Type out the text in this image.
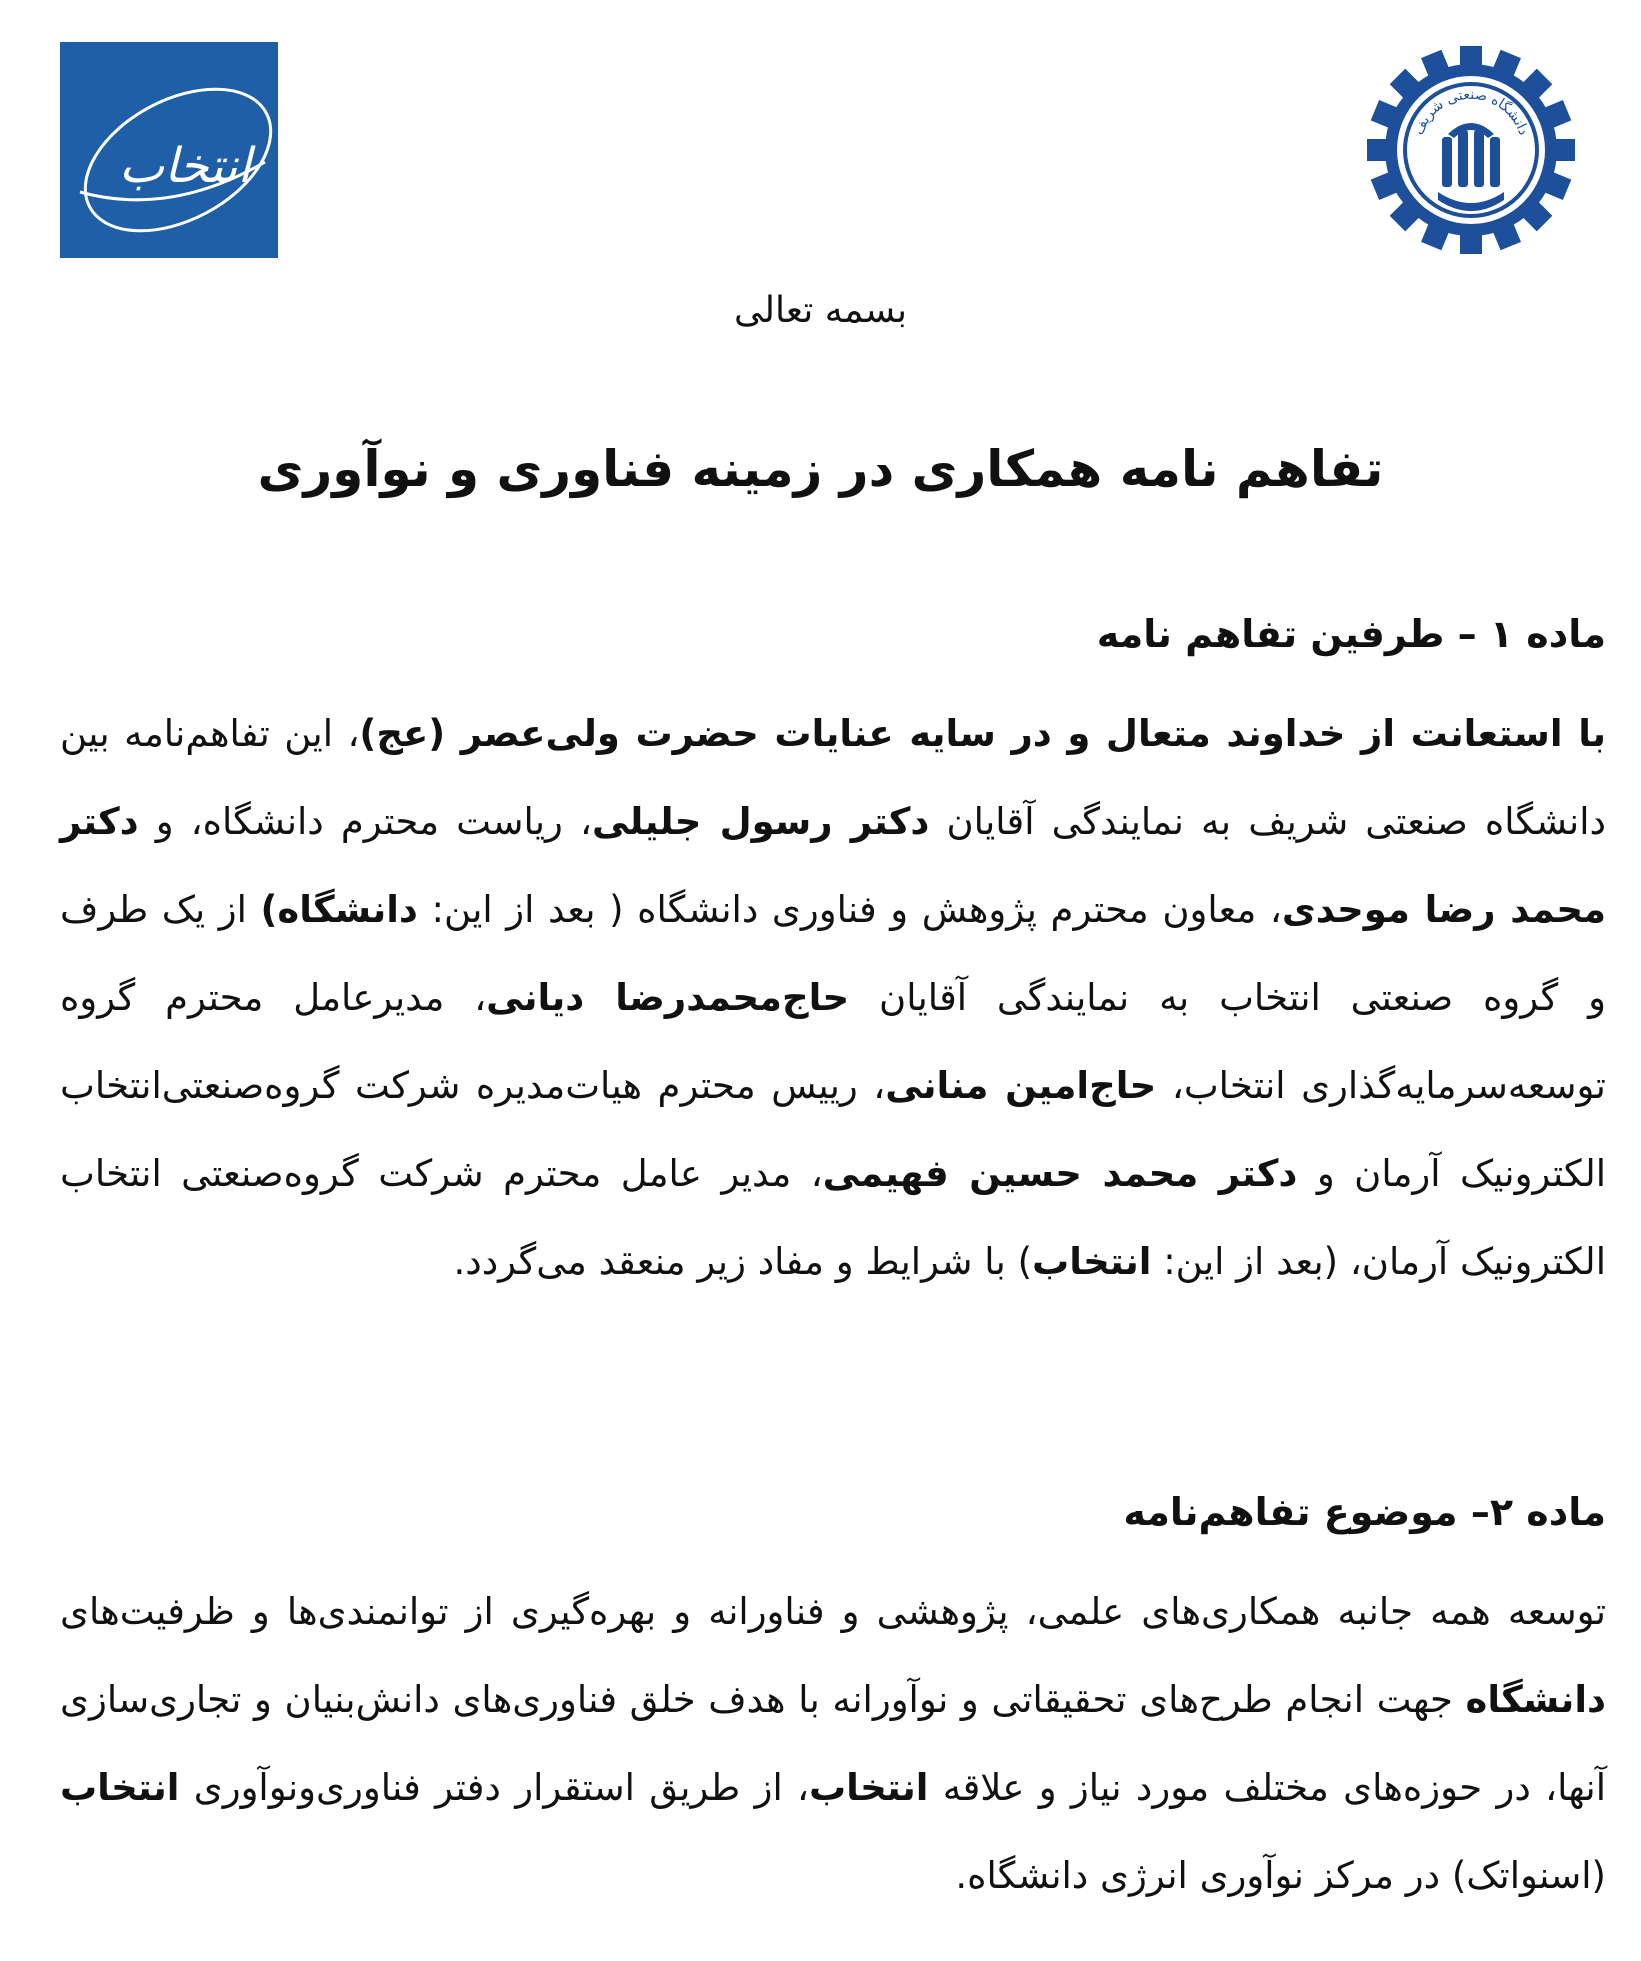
انتخاب
دانشگاه صنعتی شریف
بسمه تعالی
تفاهم نامه همکاری در زمینه فناوری و نوآوری
ماده ۱ – طرفین تفاهم نامه
با استعانت از خداوند متعال و در سایه عنایات حضرت ولی‌عصر (عج)، این تفاهم‌نامه بین دانشگاه صنعتی شریف به نمایندگی آقایان دکتر رسول جلیلی، ریاست محترم دانشگاه، و دکتر محمد رضا موحدی، معاون محترم پژوهش و فناوری دانشگاه ( بعد از این: دانشگاه) از یک طرف و گروه صنعتی انتخاب به نمایندگی آقایان حاج‌محمدرضا دیانی، مدیرعامل محترم گروه توسعه‌سرمایه‌گذاری انتخاب، حاج‌امین منانی، رییس محترم هیات‌مدیره شرکت گروه‌صنعتی‌انتخاب الکترونیک آرمان و دکتر محمد حسین فهیمی، مدیر عامل محترم شرکت گروه‌صنعتی انتخاب الکترونیک آرمان، (بعد از این: انتخاب) با شرایط و مفاد زیر منعقد می‌گردد.
ماده ۲– موضوع تفاهم‌نامه
توسعه همه جانبه همکاری‌های علمی، پژوهشی و فناورانه و بهره‌گیری از توانمندی‌ها و ظرفیت‌های دانشگاه جهت انجام طرح‌های تحقیقاتی و نوآورانه با هدف خلق فناوری‌های دانش‌بنیان و تجاری‌سازی آنها، در حوزه‌های مختلف مورد نیاز و علاقه انتخاب، از طریق استقرار دفتر فناوری‌ونوآوری انتخاب (اسنواتک) در مرکز نوآوری انرژی دانشگاه.
